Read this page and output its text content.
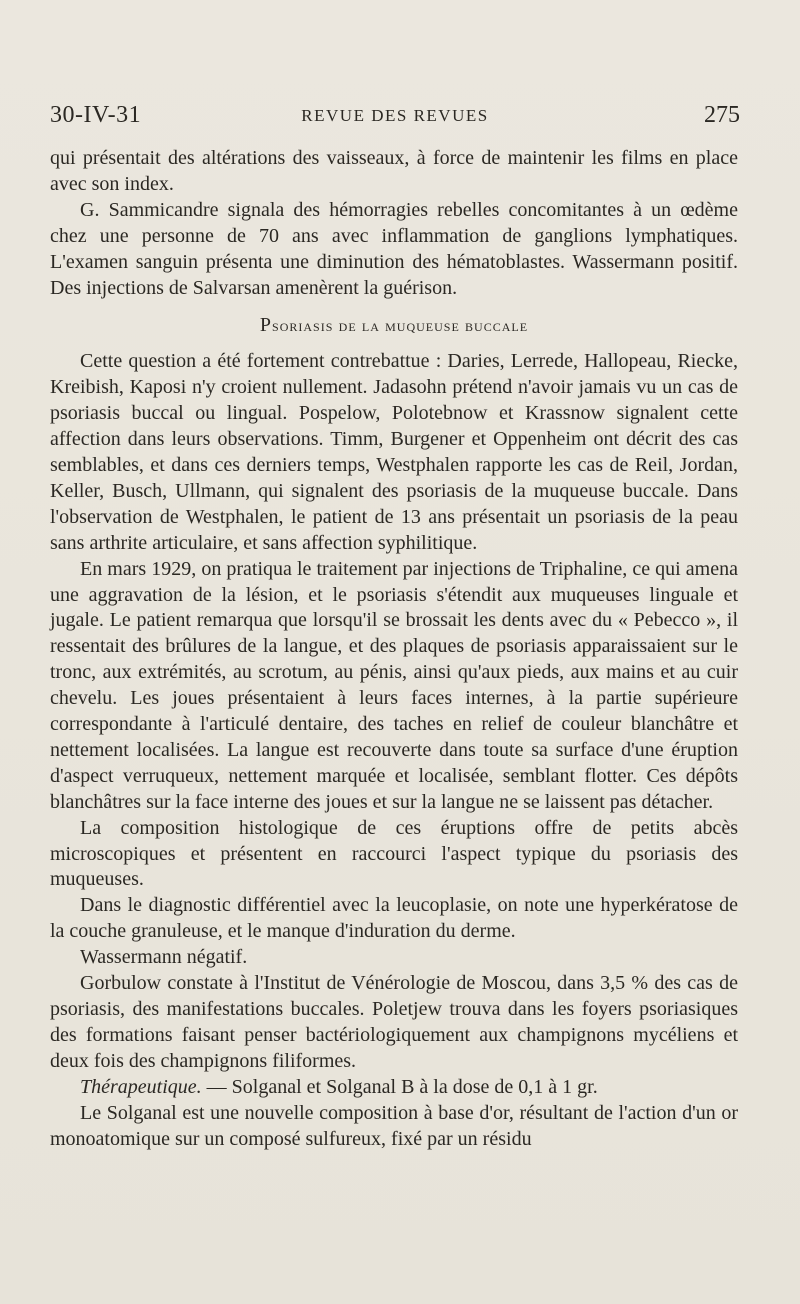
30-IV-31	REVUE DES REVUES	275

qui présentait des altérations des vaisseaux, à force de maintenir les films en place avec son index.

G. Sammicandre signala des hémorragies rebelles concomitantes à un œdème chez une personne de 70 ans avec inflammation de ganglions lymphatiques. L'examen sanguin présenta une diminution des hématoblastes. Wassermann positif. Des injections de Salvarsan amenèrent la guérison.

Psoriasis de la muqueuse buccale

Cette question a été fortement contrebattue : Daries, Lerrede, Hallopeau, Riecke, Kreibish, Kaposi n'y croient nullement. Jadasohn prétend n'avoir jamais vu un cas de psoriasis buccal ou lingual. Pospelow, Polotebnow et Krassnow signalent cette affection dans leurs observations. Timm, Burgener et Oppenheim ont décrit des cas semblables, et dans ces derniers temps, Westphalen rapporte les cas de Reil, Jordan, Keller, Busch, Ullmann, qui signalent des psoriasis de la muqueuse buccale. Dans l'observation de Westphalen, le patient de 13 ans présentait un psoriasis de la peau sans arthrite articulaire, et sans affection syphilitique.

En mars 1929, on pratiqua le traitement par injections de Triphaline, ce qui amena une aggravation de la lésion, et le psoriasis s'étendit aux muqueuses linguale et jugale. Le patient remarqua que lorsqu'il se brossait les dents avec du « Pebecco », il ressentait des brûlures de la langue, et des plaques de psoriasis apparaissaient sur le tronc, aux extrémités, au scrotum, au pénis, ainsi qu'aux pieds, aux mains et au cuir chevelu. Les joues présentaient à leurs faces internes, à la partie supérieure correspondante à l'articulé dentaire, des taches en relief de couleur blanchâtre et nettement localisées. La langue est recouverte dans toute sa surface d'une éruption d'aspect verruqueux, nettement marquée et localisée, semblant flotter. Ces dépôts blanchâtres sur la face interne des joues et sur la langue ne se laissent pas détacher.

La composition histologique de ces éruptions offre de petits abcès microscopiques et présentent en raccourci l'aspect typique du psoriasis des muqueuses.

Dans le diagnostic différentiel avec la leucoplasie, on note une hyperkératose de la couche granuleuse, et le manque d'induration du derme.

Wassermann négatif.

Gorbulow constate à l'Institut de Vénérologie de Moscou, dans 3,5 % des cas de psoriasis, des manifestations buccales. Poletjew trouva dans les foyers psoriasiques des formations faisant penser bactériologiquement aux champignons mycéliens et deux fois des champignons filiformes.

Thérapeutique. — Solganal et Solganal B à la dose de 0,1 à 1 gr.

Le Solganal est une nouvelle composition à base d'or, résultant de l'action d'un or monoatomique sur un composé sulfureux, fixé par un résidu
